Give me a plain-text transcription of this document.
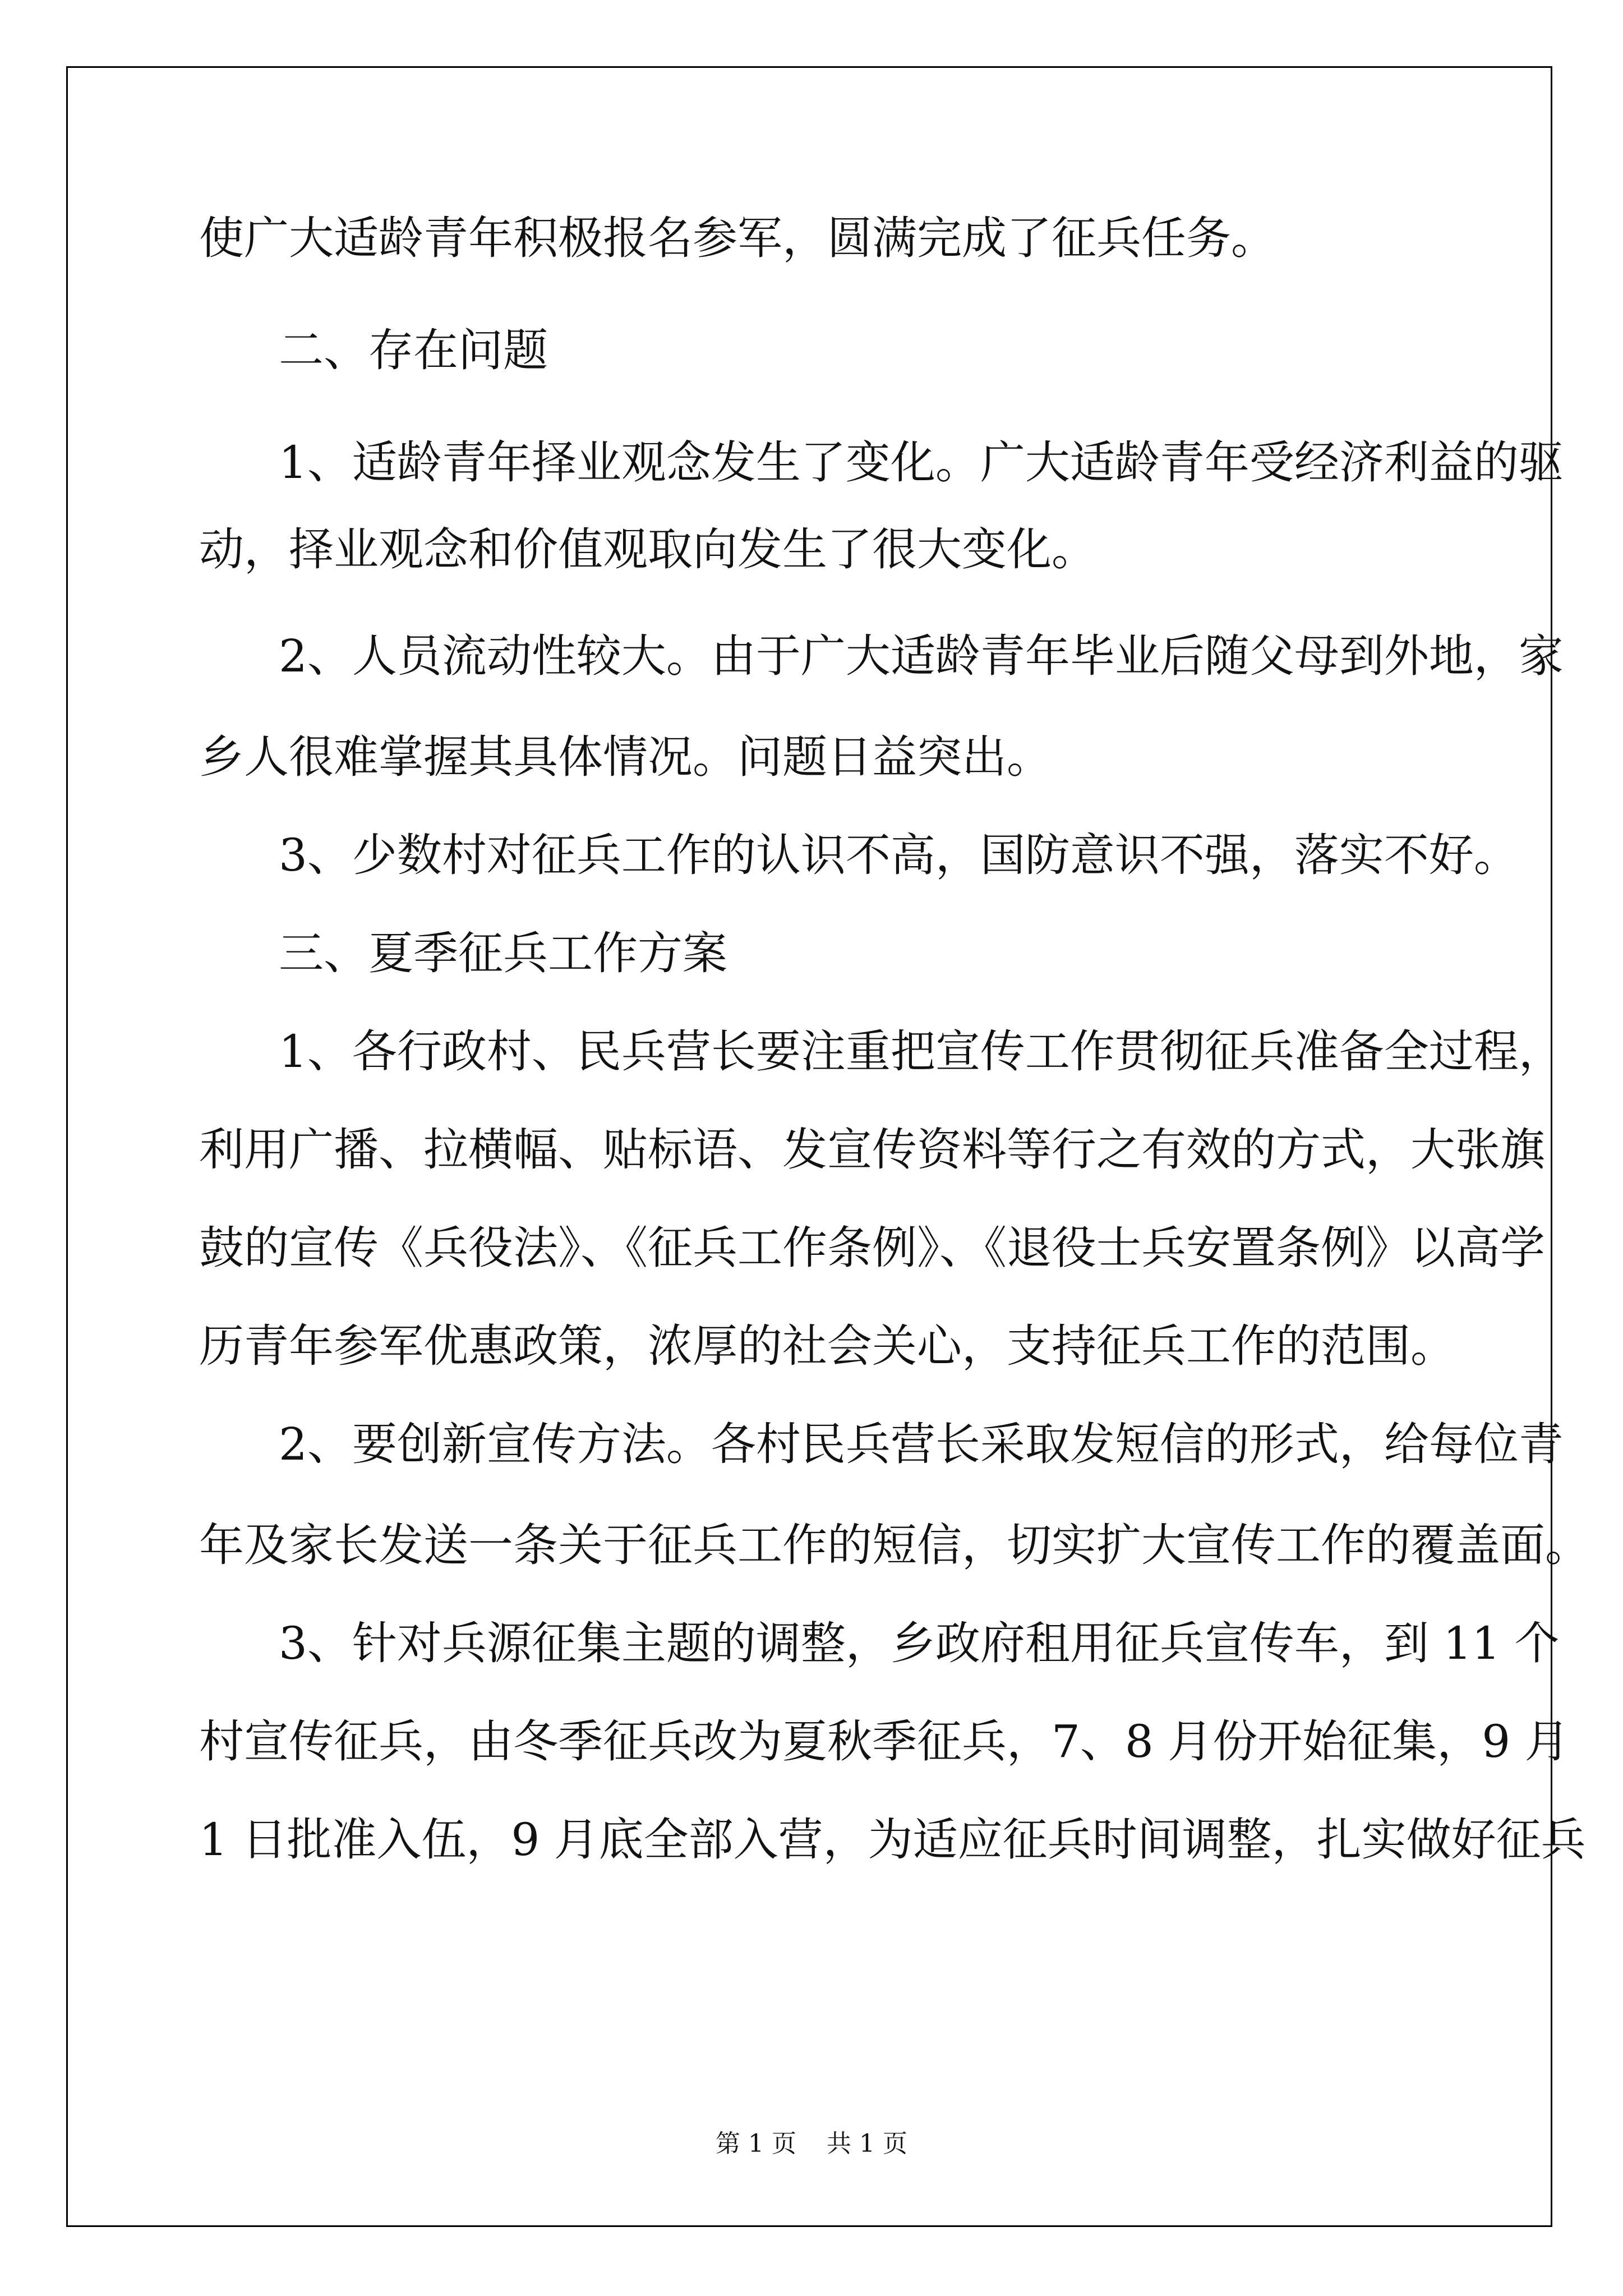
使广大适龄青年积极报名参军，圆满完成了征兵任务。
二、存在问题
1、适龄青年择业观念发生了变化。广大适龄青年受经济利益的驱
动，择业观念和价值观取向发生了很大变化。
2、人员流动性较大。由于广大适龄青年毕业后随父母到外地，家
乡人很难掌握其具体情况。问题日益突出。
3、少数村对征兵工作的认识不高，国防意识不强，落实不好。
三、夏季征兵工作方案
1、各行政村、民兵营长要注重把宣传工作贯彻征兵准备全过程，
利用广播、拉横幅、贴标语、发宣传资料等行之有效的方式，大张旗
鼓的宣传《兵役法》、《征兵工作条例》、《退役士兵安置条例》以高学
历青年参军优惠政策，浓厚的社会关心，支持征兵工作的范围。
2、要创新宣传方法。各村民兵营长采取发短信的形式，给每位青
年及家长发送一条关于征兵工作的短信，切实扩大宣传工作的覆盖面。
3、针对兵源征集主题的调整，乡政府租用征兵宣传车，到 11 个
村宣传征兵，由冬季征兵改为夏秋季征兵，7、8 月份开始征集，9 月
1 日批准入伍，9 月底全部入营，为适应征兵时间调整，扎实做好征兵
第 1 页 共 1 页
